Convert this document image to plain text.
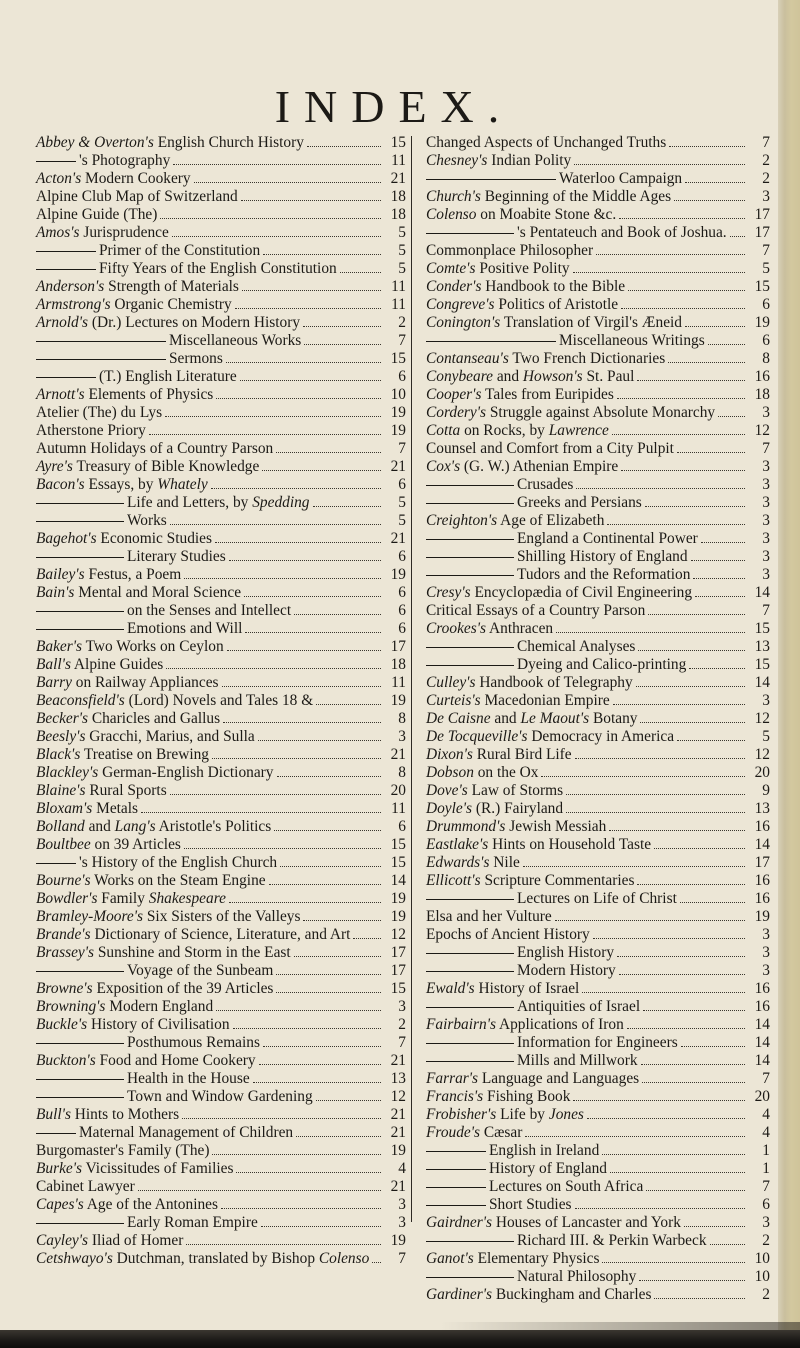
INDEX.
Abbey & Overton's English Church History	15
's Photography	11
Acton's Modern Cookery	21
Alpine Club Map of Switzerland	18
Alpine Guide (The)	18
Amos's Jurisprudence	5
Primer of the Constitution	5
Fifty Years of the English Constitution	5
Anderson's Strength of Materials	11
Armstrong's Organic Chemistry	11
Arnold's (Dr.) Lectures on Modern History	2
Miscellaneous Works	7
Sermons	15
(T.) English Literature	6
Arnott's Elements of Physics	10
Atelier (The) du Lys	19
Atherstone Priory	19
Autumn Holidays of a Country Parson	7
Ayre's Treasury of Bible Knowledge	21
Bacon's Essays, by Whately	6
Life and Letters, by Spedding	5
Works	5
Bagehot's Economic Studies	21
Literary Studies	6
Bailey's Festus, a Poem	19
Bain's Mental and Moral Science	6
on the Senses and Intellect	6
Emotions and Will	6
Baker's Two Works on Ceylon	17
Ball's Alpine Guides	18
Barry on Railway Appliances	11
Beaconsfield's (Lord) Novels and Tales 18 &	19
Becker's Charicles and Gallus	8
Beesly's Gracchi, Marius, and Sulla	3
Black's Treatise on Brewing	21
Blackley's German-English Dictionary	8
Blaine's Rural Sports	20
Bloxam's Metals	11
Bolland and Lang's Aristotle's Politics	6
Boultbee on 39 Articles	15
's History of the English Church	15
Bourne's Works on the Steam Engine	14
Bowdler's Family Shakespeare	19
Bramley-Moore's Six Sisters of the Valleys	19
Brande's Dictionary of Science, Literature, and Art	12
Brassey's Sunshine and Storm in the East	17
Voyage of the Sunbeam	17
Browne's Exposition of the 39 Articles	15
Browning's Modern England	3
Buckle's History of Civilisation	2
Posthumous Remains	7
Buckton's Food and Home Cookery	21
Health in the House	13
Town and Window Gardening	12
Bull's Hints to Mothers	21
Maternal Management of Children	21
Burgomaster's Family (The)	19
Burke's Vicissitudes of Families	4
Cabinet Lawyer	21
Capes's Age of the Antonines	3
Early Roman Empire	3
Cayley's Iliad of Homer	19
Cetshwayo's Dutchman, translated by Bishop Colenso	7
Changed Aspects of Unchanged Truths	7
Chesney's Indian Polity	2
Waterloo Campaign	2
Church's Beginning of the Middle Ages	3
Colenso on Moabite Stone &c.	17
's Pentateuch and Book of Joshua.	17
Commonplace Philosopher	7
Comte's Positive Polity	5
Conder's Handbook to the Bible	15
Congreve's Politics of Aristotle	6
Conington's Translation of Virgil's Æneid	19
Miscellaneous Writings	6
Contanseau's Two French Dictionaries	8
Conybeare and Howson's St. Paul	16
Cooper's Tales from Euripides	18
Cordery's Struggle against Absolute Monarchy	3
Cotta on Rocks, by Lawrence	12
Counsel and Comfort from a City Pulpit	7
Cox's (G. W.) Athenian Empire	3
Crusades	3
Greeks and Persians	3
Creighton's Age of Elizabeth	3
England a Continental Power	3
Shilling History of England	3
Tudors and the Reformation	3
Cresy's Encyclopædia of Civil Engineering	14
Critical Essays of a Country Parson	7
Crookes's Anthracen	15
Chemical Analyses	13
Dyeing and Calico-printing	15
Culley's Handbook of Telegraphy	14
Curteis's Macedonian Empire	3
De Caisne and Le Maout's Botany	12
De Tocqueville's Democracy in America	5
Dixon's Rural Bird Life	12
Dobson on the Ox	20
Dove's Law of Storms	9
Doyle's (R.) Fairyland	13
Drummond's Jewish Messiah	16
Eastlake's Hints on Household Taste	14
Edwards's Nile	17
Ellicott's Scripture Commentaries	16
Lectures on Life of Christ	16
Elsa and her Vulture	19
Epochs of Ancient History	3
English History	3
Modern History	3
Ewald's History of Israel	16
Antiquities of Israel	16
Fairbairn's Applications of Iron	14
Information for Engineers	14
Mills and Millwork	14
Farrar's Language and Languages	7
Francis's Fishing Book	20
Frobisher's Life by Jones	4
Froude's Cæsar	4
English in Ireland	1
History of England	1
Lectures on South Africa	7
Short Studies	6
Gairdner's Houses of Lancaster and York	3
Richard III. & Perkin Warbeck	2
Ganot's Elementary Physics	10
Natural Philosophy	10
Gardiner's Buckingham and Charles	2
